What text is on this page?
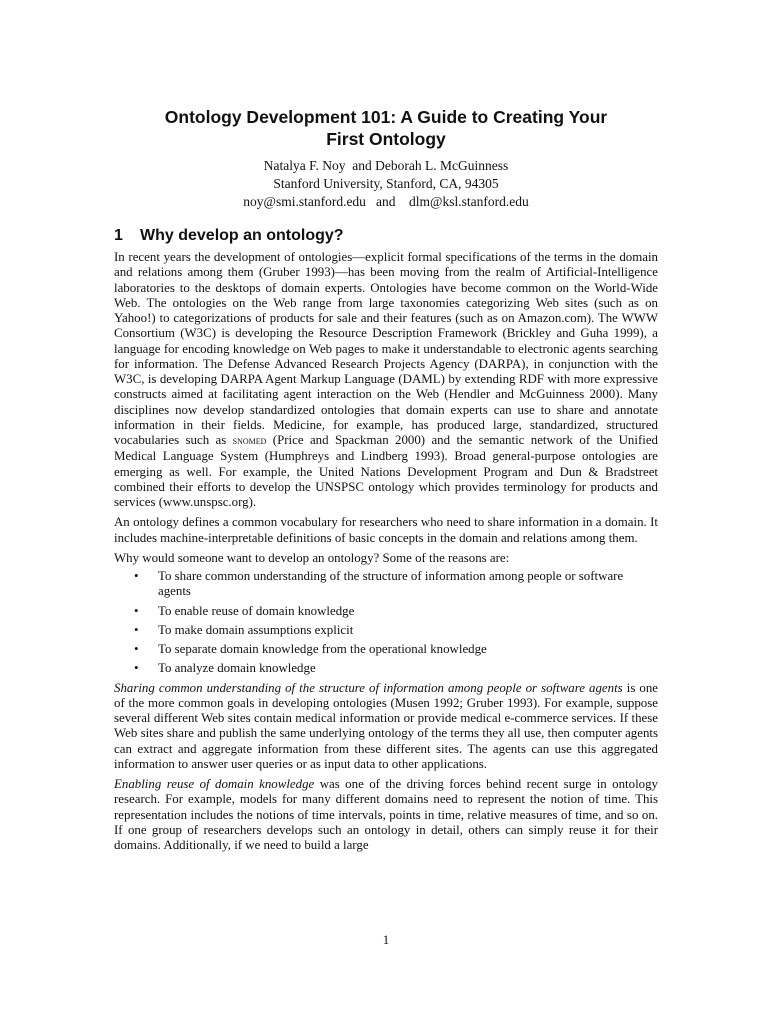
Ontology Development 101: A Guide to Creating Your
First Ontology
Natalya F. Noy  and Deborah L. McGuinness
Stanford University, Stanford, CA, 94305
noy@smi.stanford.edu   and    dlm@ksl.stanford.edu
1 Why develop an ontology?

In recent years the development of ontologies—explicit formal specifications of the terms in the domain and relations among them (Gruber 1993)—has been moving from the realm of Artificial-Intelligence laboratories to the desktops of domain experts. Ontologies have become common on the World-Wide Web. The ontologies on the Web range from large taxonomies categorizing Web sites (such as on Yahoo!) to categorizations of products for sale and their features (such as on Amazon.com). The WWW Consortium (W3C) is developing the Resource Description Framework (Brickley and Guha 1999), a language for encoding knowledge on Web pages to make it understandable to electronic agents searching for information. The Defense Advanced Research Projects Agency (DARPA), in conjunction with the W3C, is developing DARPA Agent Markup Language (DAML) by extending RDF with more expressive constructs aimed at facilitating agent interaction on the Web (Hendler and McGuinness 2000). Many disciplines now develop standardized ontologies that domain experts can use to share and annotate information in their fields. Medicine, for example, has produced large, standardized, structured vocabularies such as snomed (Price and Spackman 2000) and the semantic network of the Unified Medical Language System (Humphreys and Lindberg 1993). Broad general-purpose ontologies are emerging as well. For example, the United Nations Development Program and Dun & Bradstreet combined their efforts to develop the UNSPSC ontology which provides terminology for products and services (www.unspsc.org).

An ontology defines a common vocabulary for researchers who need to share information in a domain. It includes machine-interpretable definitions of basic concepts in the domain and relations among them.

Why would someone want to develop an ontology? Some of the reasons are:

• To share common understanding of the structure of information among people or software agents
• To enable reuse of domain knowledge
• To make domain assumptions explicit
• To separate domain knowledge from the operational knowledge
• To analyze domain knowledge

Sharing common understanding of the structure of information among people or software agents is one of the more common goals in developing ontologies (Musen 1992; Gruber 1993). For example, suppose several different Web sites contain medical information or provide medical e-commerce services. If these Web sites share and publish the same underlying ontology of the terms they all use, then computer agents can extract and aggregate information from these different sites. The agents can use this aggregated information to answer user queries or as input data to other applications.

Enabling reuse of domain knowledge was one of the driving forces behind recent surge in ontology research. For example, models for many different domains need to represent the notion of time. This representation includes the notions of time intervals, points in time, relative measures of time, and so on. If one group of researchers develops such an ontology in detail, others can simply reuse it for their domains. Additionally, if we need to build a large

1
